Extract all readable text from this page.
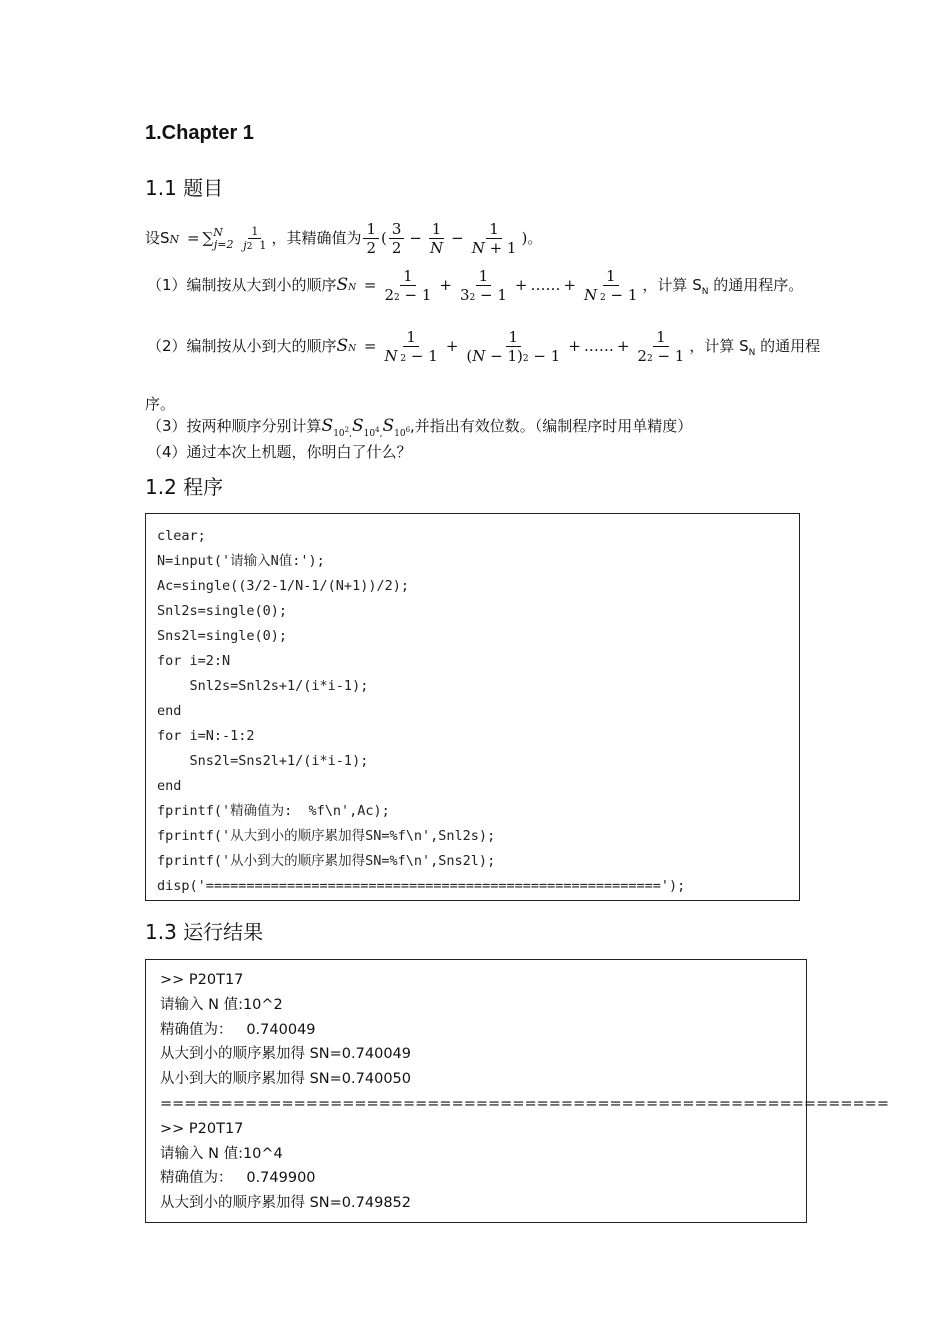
1.Chapter 1
1.1 题目
设SN = $\sum^N_{j=2} \frac{1}{j2 1}$ ，其精确值为 $\frac{1}{2}$ ( $\frac{3}{2} - \frac{1}{N} - \frac{1}{N + 1}$ )。
（1）编制按从大到小的顺序SN = $\frac{1}{22 - 1} + \frac{1}{32 - 1}$ + …… + $\frac{1}{N 2 - 1}$ ，计算 $S_N$ 的通用程序。
（2）编制按从小到大的顺序SN = $\frac{1}{N 2 - 1} + \frac{1}{(N - 1)2 - 1}$ + …… + $\frac{1}{22 - 1}$ ，计算 $S_N$ 的通用程
序。
（3）按两种顺序分别计算$S_{10^2,}S_{10^4,}S_{10^6}$,并指出有效位数。（编制程序时用单精度）
（4）通过本次上机题，你明白了什么？
1.2 程序
clear;
N=input('请输入N值:');
Ac=single((3/2-1/N-1/(N+1))/2);
Snl2s=single(0);
Sns2l=single(0);
for i=2:N
Snl2s=Snl2s+1/(i*i-1);
end
for i=N:-1:2
Sns2l=Sns2l+1/(i*i-1);
end
fprintf('精确值为:  %f\n',Ac);
fprintf('从大到小的顺序累加得SN=%f\n',Snl2s);
fprintf('从小到大的顺序累加得SN=%f\n',Sns2l);
disp('========================================================');
1.3 运行结果
>> P20T17
请输入 N 值:10^2
精确值为：   0.740049
从大到小的顺序累加得 SN=0.740049
从小到大的顺序累加得 SN=0.740050
============================================================
>> P20T17
请输入 N 值:10^4
精确值为：   0.749900
从大到小的顺序累加得 SN=0.749852
